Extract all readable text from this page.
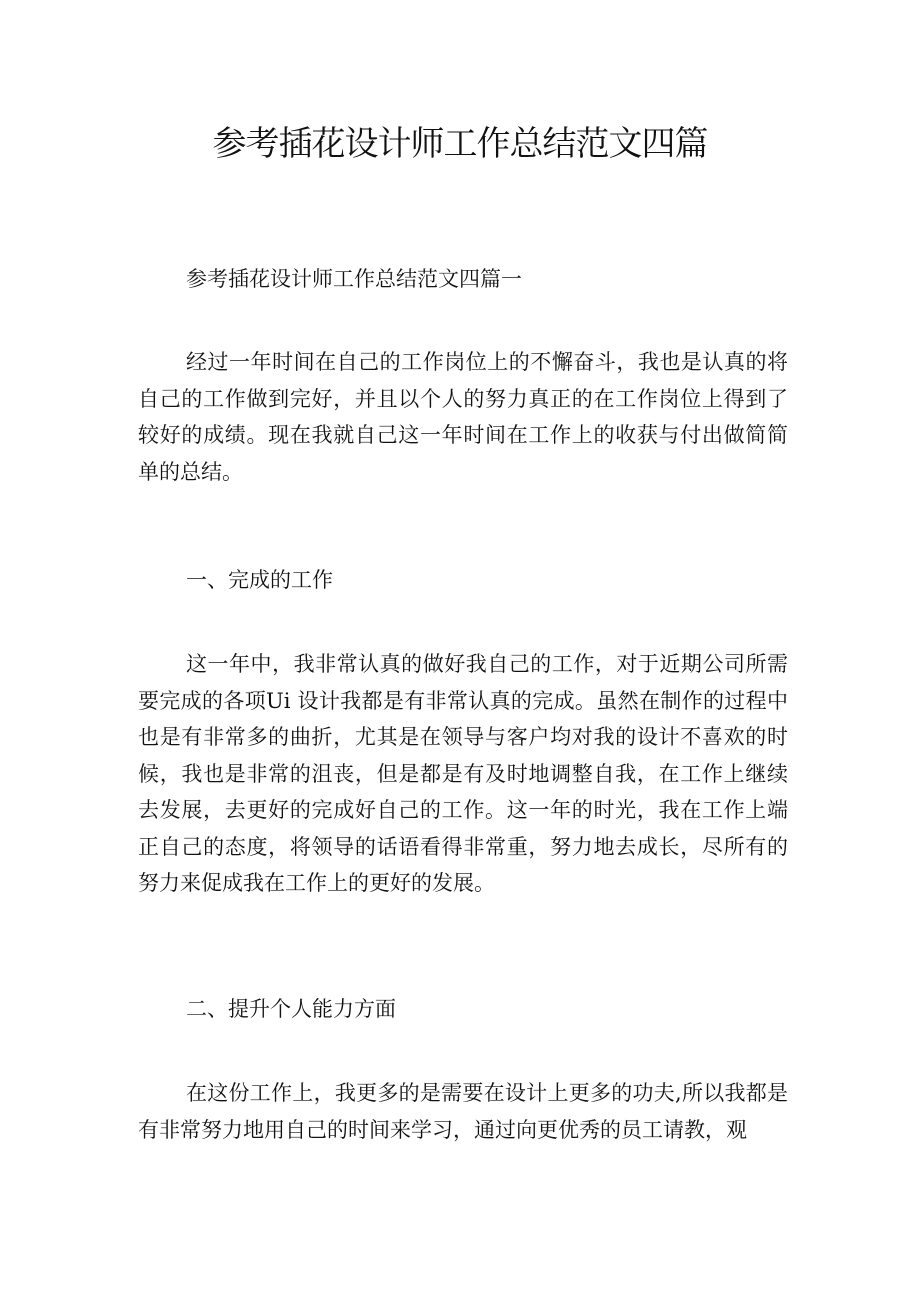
参考插花设计师工作总结范文四篇

参考插花设计师工作总结范文四篇一

经过一年时间在自己的工作岗位上的不懈奋斗，我也是认真的将自己的工作做到完好，并且以个人的努力真正的在工作岗位上得到了较好的成绩。现在我就自己这一年时间在工作上的收获与付出做简简单的总结。

一、完成的工作

这一年中，我非常认真的做好我自己的工作，对于近期公司所需要完成的各项Ui 设计我都是有非常认真的完成。虽然在制作的过程中也是有非常多的曲折，尤其是在领导与客户均对我的设计不喜欢的时候，我也是非常的沮丧，但是都是有及时地调整自我，在工作上继续去发展，去更好的完成好自己的工作。这一年的时光，我在工作上端正自己的态度，将领导的话语看得非常重，努力地去成长，尽所有的努力来促成我在工作上的更好的发展。

二、提升个人能力方面

在这份工作上，我更多的是需要在设计上更多的功夫,所以我都是有非常努力地用自己的时间来学习，通过向更优秀的员工请教，观
